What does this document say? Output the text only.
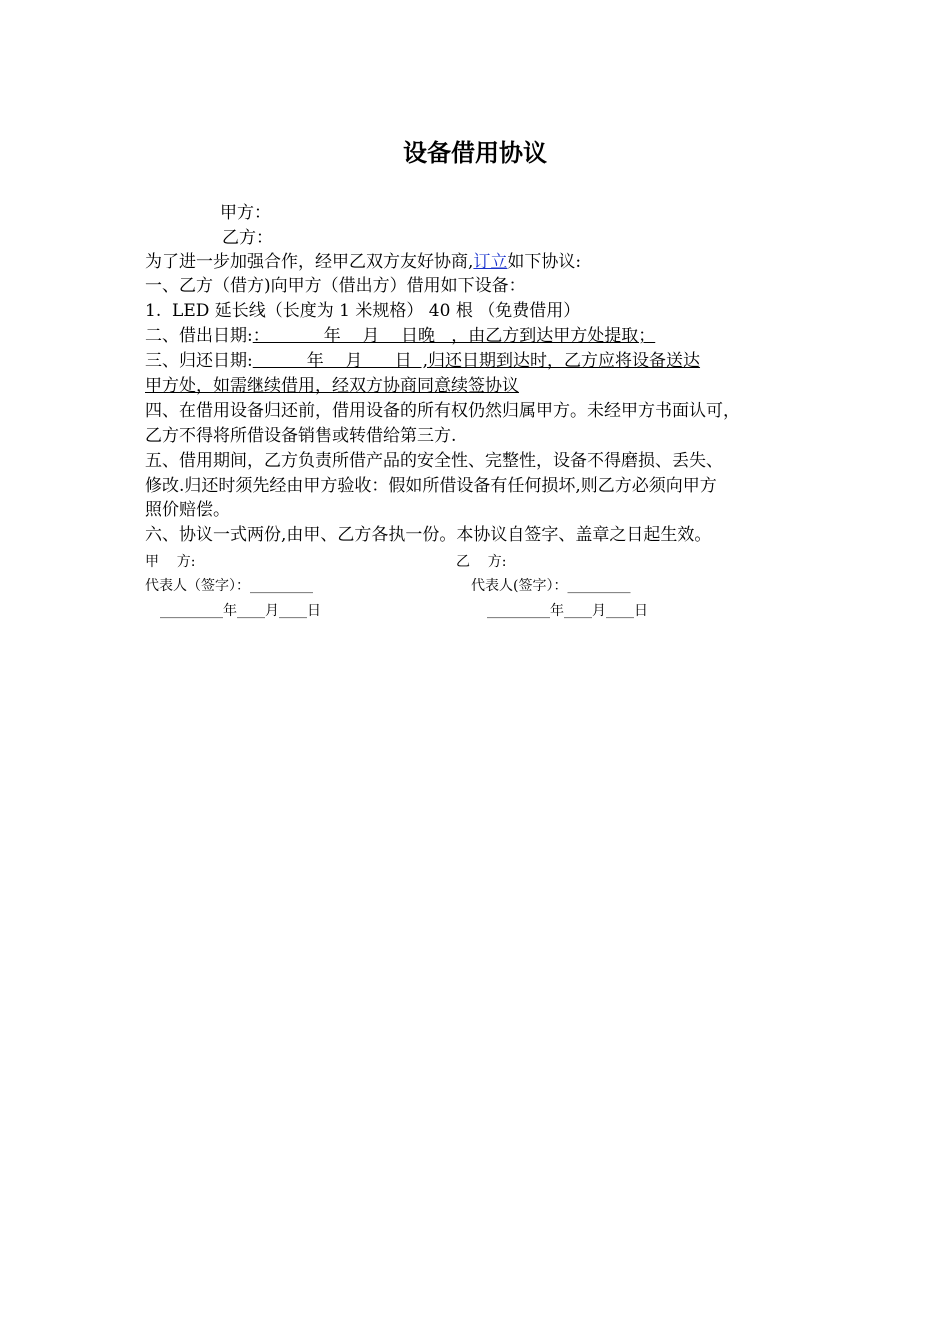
设备借用协议
甲方：
乙方：
为了进一步加强合作，经甲乙双方友好协商,订立如下协议:
一、乙方（借方)向甲方（借出方）借用如下设备：
1.  LED 延长线（长度为 1 米规格） 40 根 （免费借用）
二、借出日期:：          年    月    日晚   ，由乙方到达甲方处提取；
三、归还日期:          年    月      日  ,归还日期到达时，乙方应将设备送达
甲方处，如需继续借用，经双方协商同意续签协议
四、在借用设备归还前，借用设备的所有权仍然归属甲方。未经甲方书面认可，
乙方不得将所借设备销售或转借给第三方.
五、借用期间，乙方负责所借产品的安全性、完整性，设备不得磨损、丢失、
修改.归还时须先经由甲方验收：假如所借设备有任何损坏,则乙方必须向甲方
照价赔偿。
六、协议一式两份,由甲、乙方各执一份。本协议自签字、盖章之日起生效。
甲    方:	乙    方:
代表人（签字）：_________	代表人(签字）：_________
_________年____月____日	_________年____月____日
